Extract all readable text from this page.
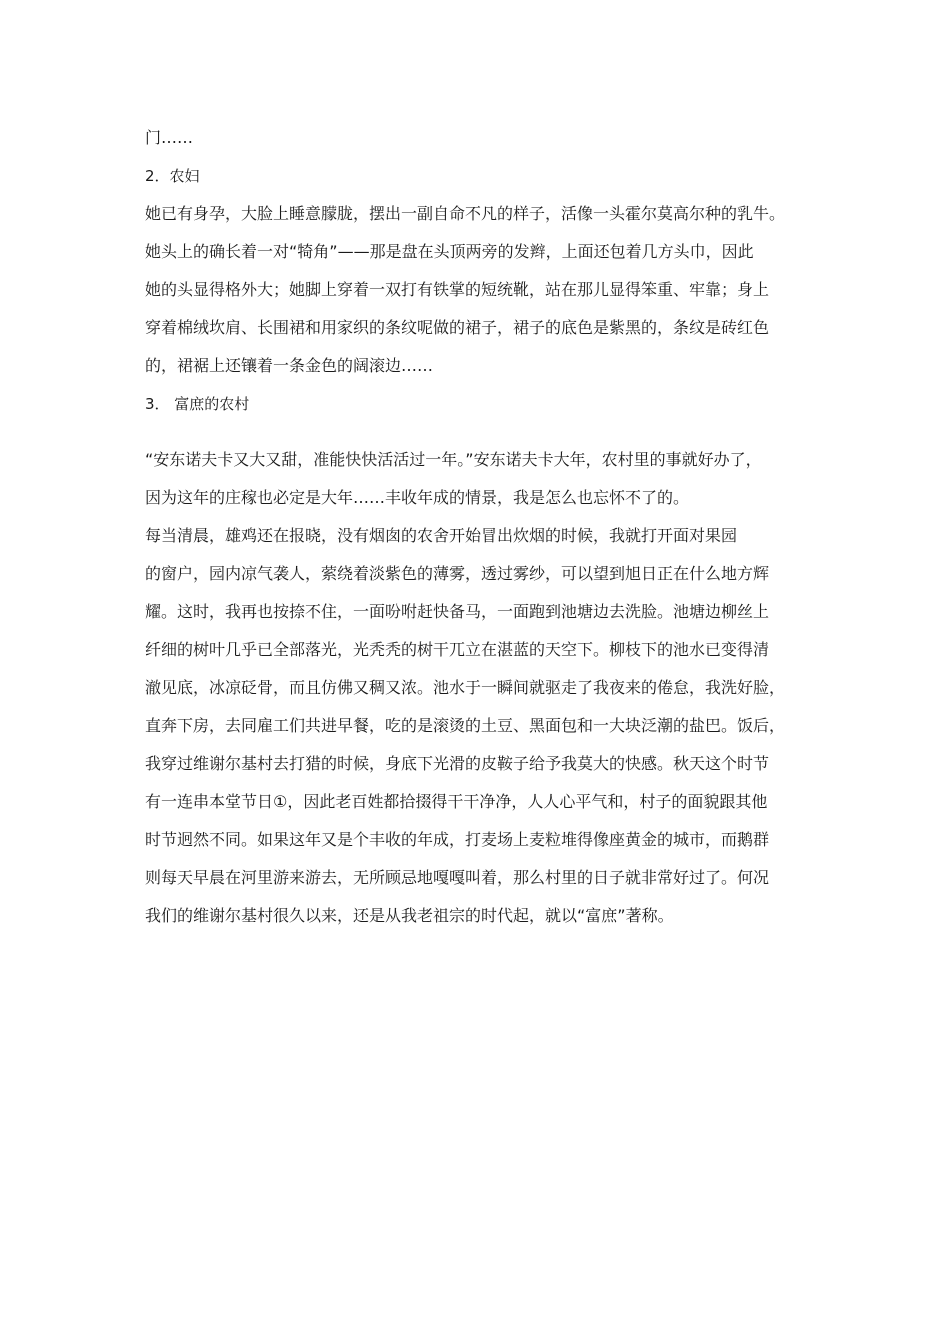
门……
2．农妇
她已有身孕，大脸上睡意朦胧，摆出一副自命不凡的样子，活像一头霍尔莫高尔种的乳牛。
她头上的确长着一对“犄角”——那是盘在头顶两旁的发辫，上面还包着几方头巾，因此
她的头显得格外大；她脚上穿着一双打有铁掌的短统靴，站在那儿显得笨重、牢靠；身上
穿着棉绒坎肩、长围裙和用家织的条纹呢做的裙子，裙子的底色是紫黑的，条纹是砖红色
的，裙裾上还镶着一条金色的阔滚边……
3． 富庶的农村
“安东诺夫卡又大又甜，准能快快活活过一年。”安东诺夫卡大年，农村里的事就好办了，
因为这年的庄稼也必定是大年……丰收年成的情景，我是怎么也忘怀不了的。
每当清晨，雄鸡还在报晓，没有烟囱的农舍开始冒出炊烟的时候，我就打开面对果园
的窗户，园内凉气袭人，萦绕着淡紫色的薄雾，透过雾纱，可以望到旭日正在什么地方辉
耀。这时，我再也按捺不住，一面吩咐赶快备马，一面跑到池塘边去洗脸。池塘边柳丝上
纤细的树叶几乎已全部落光，光秃秃的树干兀立在湛蓝的天空下。柳枝下的池水已变得清
澈见底，冰凉砭骨，而且仿佛又稠又浓。池水于一瞬间就驱走了我夜来的倦怠，我洗好脸，
直奔下房，去同雇工们共进早餐，吃的是滚烫的土豆、黑面包和一大块泛潮的盐巴。饭后，
我穿过维谢尔基村去打猎的时候，身底下光滑的皮鞍子给予我莫大的快感。秋天这个时节
有一连串本堂节日①，因此老百姓都拾掇得干干净净，人人心平气和，村子的面貌跟其他
时节迥然不同。如果这年又是个丰收的年成，打麦场上麦粒堆得像座黄金的城市，而鹅群
则每天早晨在河里游来游去，无所顾忌地嘎嘎叫着，那么村里的日子就非常好过了。何况
我们的维谢尔基村很久以来，还是从我老祖宗的时代起，就以“富庶”著称。
